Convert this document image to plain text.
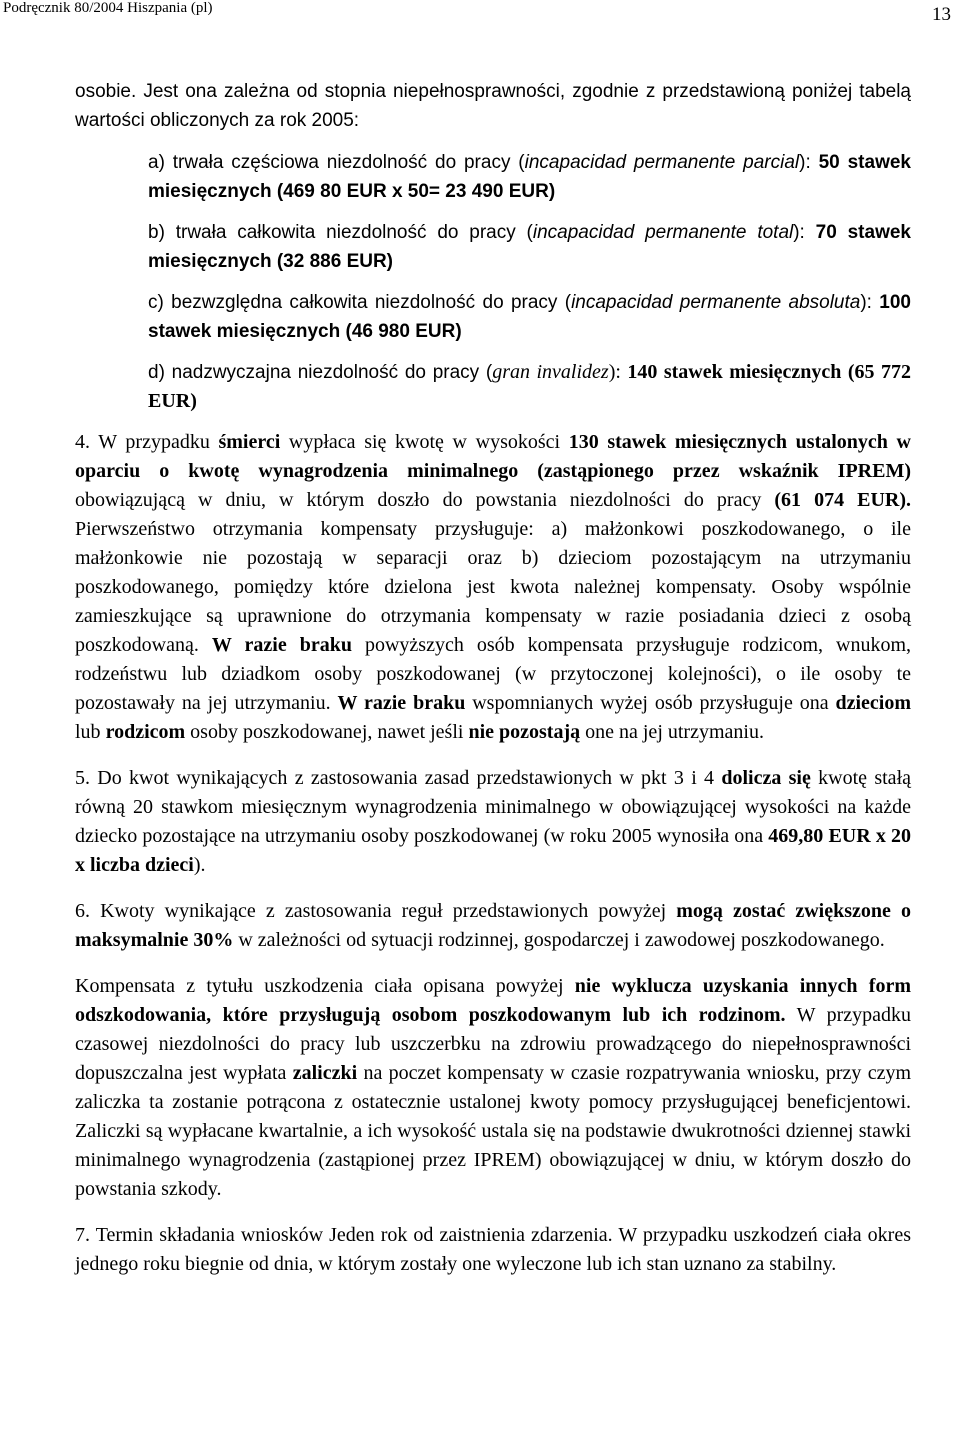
Podręcznik 80/2004 Hiszpania (pl)	13

osobie. Jest ona zależna od stopnia niepełnosprawności, zgodnie z przedstawioną poniżej tabelą wartości obliczonych za rok 2005:

a) trwała częściowa niezdolność do pracy (incapacidad permanente parcial): 50 stawek miesięcznych (469 80 EUR x 50= 23 490 EUR)

b) trwała całkowita niezdolność do pracy (incapacidad permanente total): 70 stawek miesięcznych (32 886 EUR)

c) bezwzględna całkowita niezdolność do pracy (incapacidad permanente absoluta): 100 stawek miesięcznych (46 980 EUR)

d) nadzwyczajna niezdolność do pracy (gran invalidez): 140 stawek miesięcznych (65 772 EUR)

4. W przypadku śmierci wypłaca się kwotę w wysokości 130 stawek miesięcznych ustalonych w oparciu o kwotę wynagrodzenia minimalnego (zastąpionego przez wskaźnik IPREM) obowiązującą w dniu, w którym doszło do powstania niezdolności do pracy (61 074 EUR). Pierwszeństwo otrzymania kompensaty przysługuje: a) małżonkowi poszkodowanego, o ile małżonkowie nie pozostają w separacji oraz b) dzieciom pozostającym na utrzymaniu poszkodowanego, pomiędzy które dzielona jest kwota należnej kompensaty. Osoby wspólnie zamieszkujące są uprawnione do otrzymania kompensaty w razie posiadania dzieci z osobą poszkodowaną. W razie braku powyższych osób kompensata przysługuje rodzicom, wnukom, rodzeństwu lub dziadkom osoby poszkodowanej (w przytoczonej kolejności), o ile osoby te pozostawały na jej utrzymaniu. W razie braku wspomnianych wyżej osób przysługuje ona dzieciom lub rodzicom osoby poszkodowanej, nawet jeśli nie pozostają one na jej utrzymaniu.

5. Do kwot wynikających z zastosowania zasad przedstawionych w pkt 3 i 4 dolicza się kwotę stałą równą 20 stawkom miesięcznym wynagrodzenia minimalnego w obowiązującej wysokości na każde dziecko pozostające na utrzymaniu osoby poszkodowanej (w roku 2005 wynosiła ona 469,80 EUR x 20 x liczba dzieci).

6. Kwoty wynikające z zastosowania reguł przedstawionych powyżej mogą zostać zwiększone o maksymalnie 30% w zależności od sytuacji rodzinnej, gospodarczej i zawodowej poszkodowanego.

Kompensata z tytułu uszkodzenia ciała opisana powyżej nie wyklucza uzyskania innych form odszkodowania, które przysługują osobom poszkodowanym lub ich rodzinom. W przypadku czasowej niezdolności do pracy lub uszczerbku na zdrowiu prowadzącego do niepełnosprawności dopuszczalna jest wypłata zaliczki na poczet kompensaty w czasie rozpatrywania wniosku, przy czym zaliczka ta zostanie potrącona z ostatecznie ustalonej kwoty pomocy przysługującej beneficjentowi. Zaliczki są wypłacane kwartalnie, a ich wysokość ustala się na podstawie dwukrotności dziennej stawki minimalnego wynagrodzenia (zastąpionej przez IPREM) obowiązującej w dniu, w którym doszło do powstania szkody.

7. Termin składania wniosków Jeden rok od zaistnienia zdarzenia. W przypadku uszkodzeń ciała okres jednego roku biegnie od dnia, w którym zostały one wyleczone lub ich stan uznano za stabilny.
